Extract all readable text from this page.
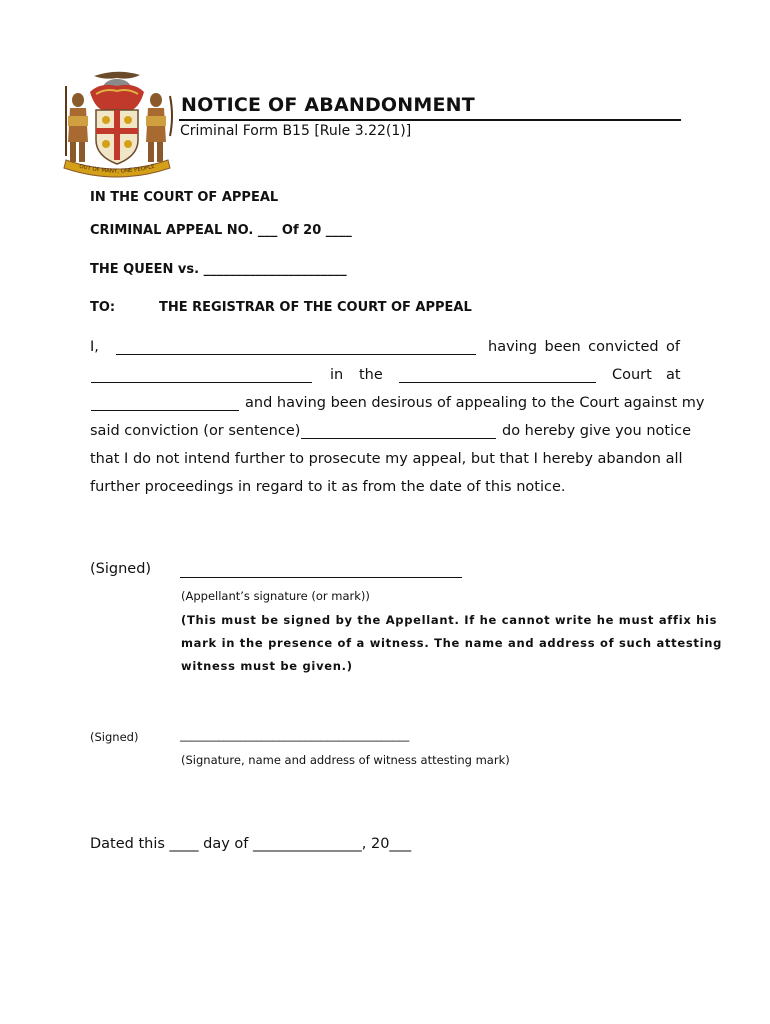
OUT OF MANY, ONE PEOPLE
NOTICE OF ABANDONMENT
Criminal Form B15 [Rule 3.22(1)]
IN THE COURT OF APPEAL
CRIMINAL APPEAL NO. ___ Of 20 ____
THE QUEEN vs. ______________________
TO:	THE REGISTRAR OF THE COURT OF APPEAL
I,	having been convicted of
in the	Court at
and having been desirous of appealing to the Court against my
said conviction (or sentence)	do hereby give you notice
that I do not intend further to prosecute my appeal, but that I hereby abandon all
further proceedings in regard to it as from the date of this notice.
(Signed)
(Appellant’s signature (or mark))
(This must be signed by the Appellant. If he cannot write he must affix his
mark in the presence of a witness. The name and address of such attesting
witness must be given.)
(Signed)	__________________________________________
(Signature, name and address of witness attesting mark)
Dated this ____ day of _______________, 20___
